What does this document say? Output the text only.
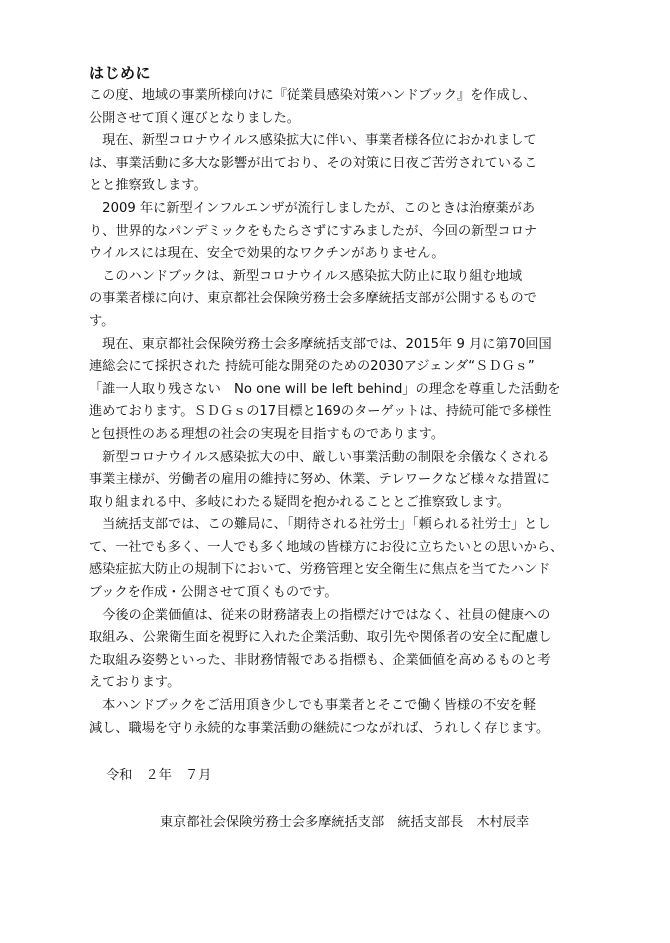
はじめに

この度、地域の事業所様向けに『従業員感染対策ハンドブック』を作成し、
公開させて頂く運びとなりました。

　現在、新型コロナウイルス感染拡大に伴い、事業者様各位におかれまして
は、事業活動に多大な影響が出ており、その対策に日夜ご苦労されているこ
とと推察致します。

　2009 年に新型インフルエンザが流行しましたが、このときは治療薬があ
り、世界的なパンデミックをもたらさずにすみましたが、今回の新型コロナ
ウイルスには現在、安全で効果的なワクチンがありません。

　このハンドブックは、新型コロナウイルス感染拡大防止に取り組む地域
の事業者様に向け、東京都社会保険労務士会多摩統括支部が公開するもので
す。

　現在、東京都社会保険労務士会多摩統括支部では、2015年 9 月に第70回国
連総会にて採択された 持続可能な開発のための2030アジェンダ“ＳＤＧｓ”
「誰一人取り残さない　No one will be left behind」の理念を尊重した活動を
進めております。ＳＤＧｓの17目標と169のターゲットは、持続可能で多様性
と包摂性のある理想の社会の実現を目指すものであります。

　新型コロナウイルス感染拡大の中、厳しい事業活動の制限を余儀なくされる
事業主様が、労働者の雇用の維持に努め、休業、テレワークなど様々な措置に
取り組まれる中、多岐にわたる疑問を抱かれることとご推察致します。

　当統括支部では、この難局に、「期待される社労士」「頼られる社労士」とし
て、一社でも多く、一人でも多く地域の皆様方にお役に立ちたいとの思いから、
感染症拡大防止の規制下において、労務管理と安全衛生に焦点を当てたハンド
ブックを作成・公開させて頂くものです。

　今後の企業価値は、従来の財務諸表上の指標だけではなく、社員の健康への
取組み、公衆衛生面を視野に入れた企業活動、取引先や関係者の安全に配慮し
た取組み姿勢といった、非財務情報である指標も、企業価値を高めるものと考
えております。

　本ハンドブックをご活用頂き少しでも事業者とそこで働く皆様の不安を軽
減し、職場を守り永続的な事業活動の継続につながれば、うれしく存じます。

令和　２年　７月
東京都社会保険労務士会多摩統括支部　統括支部長　木村辰幸
